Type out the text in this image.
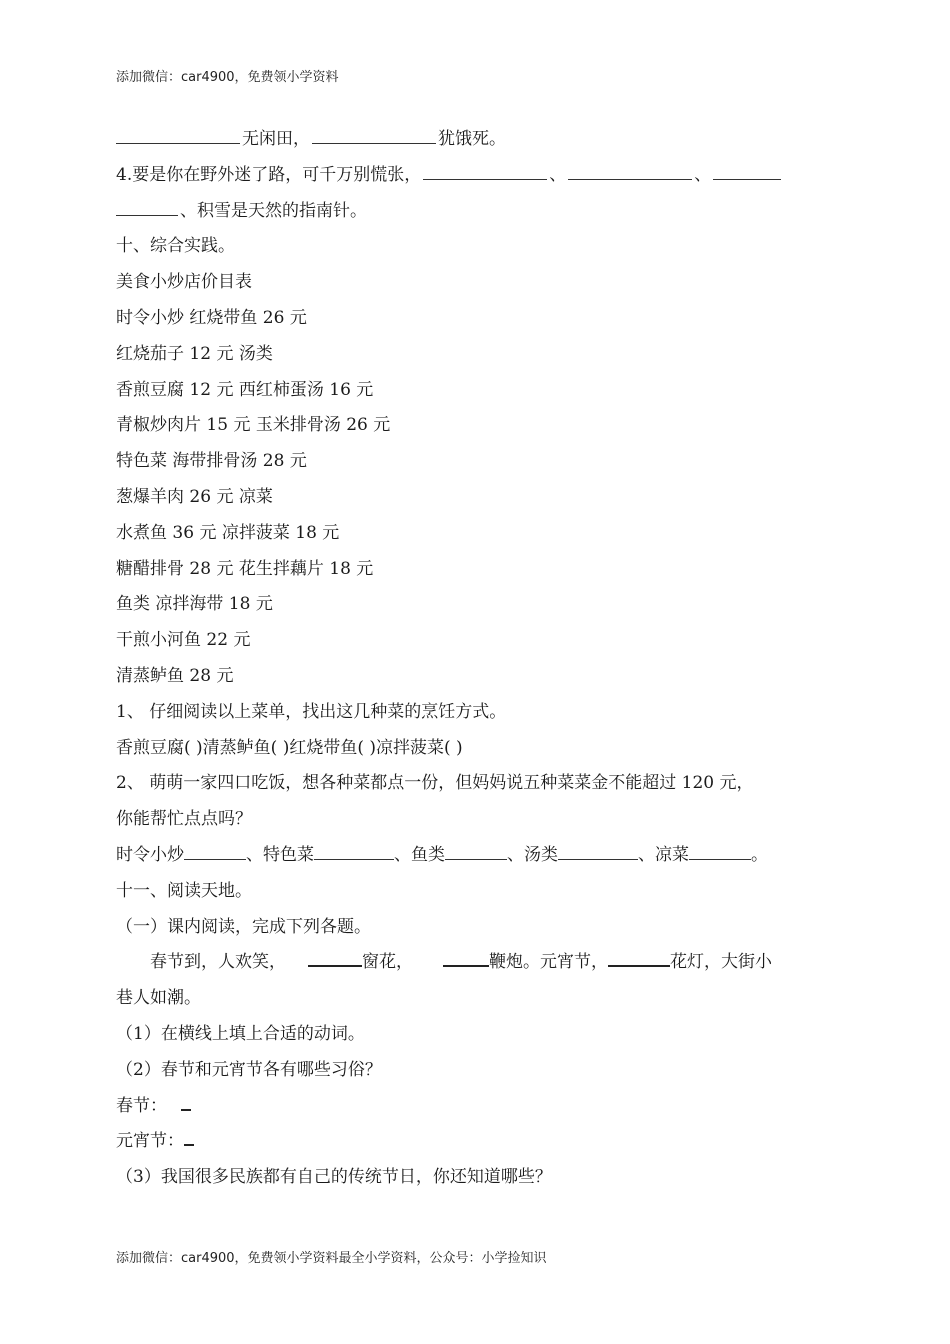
添加微信：car4900，免费领小学资料
无闲田，	犹饿死。
4.要是你在野外迷了路，可千万别慌张，	、	、
、积雪是天然的指南针。
十、综合实践。
美食小炒店价目表
时令小炒 红烧带鱼 26 元
红烧茄子 12 元 汤类
香煎豆腐 12 元 西红柿蛋汤 16 元
青椒炒肉片 15 元 玉米排骨汤 26 元
特色菜 海带排骨汤 28 元
葱爆羊肉 26 元 凉菜
水煮鱼 36 元 凉拌菠菜 18 元
糖醋排骨 28 元 花生拌藕片 18 元
鱼类 凉拌海带 18 元
干煎小河鱼 22 元
清蒸鲈鱼 28 元
1、 仔细阅读以上菜单，找出这几种菜的烹饪方式。
香煎豆腐( )清蒸鲈鱼( )红烧带鱼( )凉拌菠菜( )
2、 萌萌一家四口吃饭，想各种菜都点一份，但妈妈说五种菜菜金不能超过 120 元，
你能帮忙点点吗？
时令小炒	、特色菜	、鱼类	、汤类	、凉菜	。
十一、阅读天地。
（一）课内阅读，完成下列各题。
春节到，人欢笑，	窗花，	鞭炮。元宵节，	花灯，大街小
巷人如潮。
（1）在横线上填上合适的动词。
（2）春节和元宵节各有哪些习俗？
春节：
元宵节：
（3）我国很多民族都有自己的传统节日，你还知道哪些？
添加微信：car4900，免费领小学资料最全小学资料，公众号：小学捡知识
